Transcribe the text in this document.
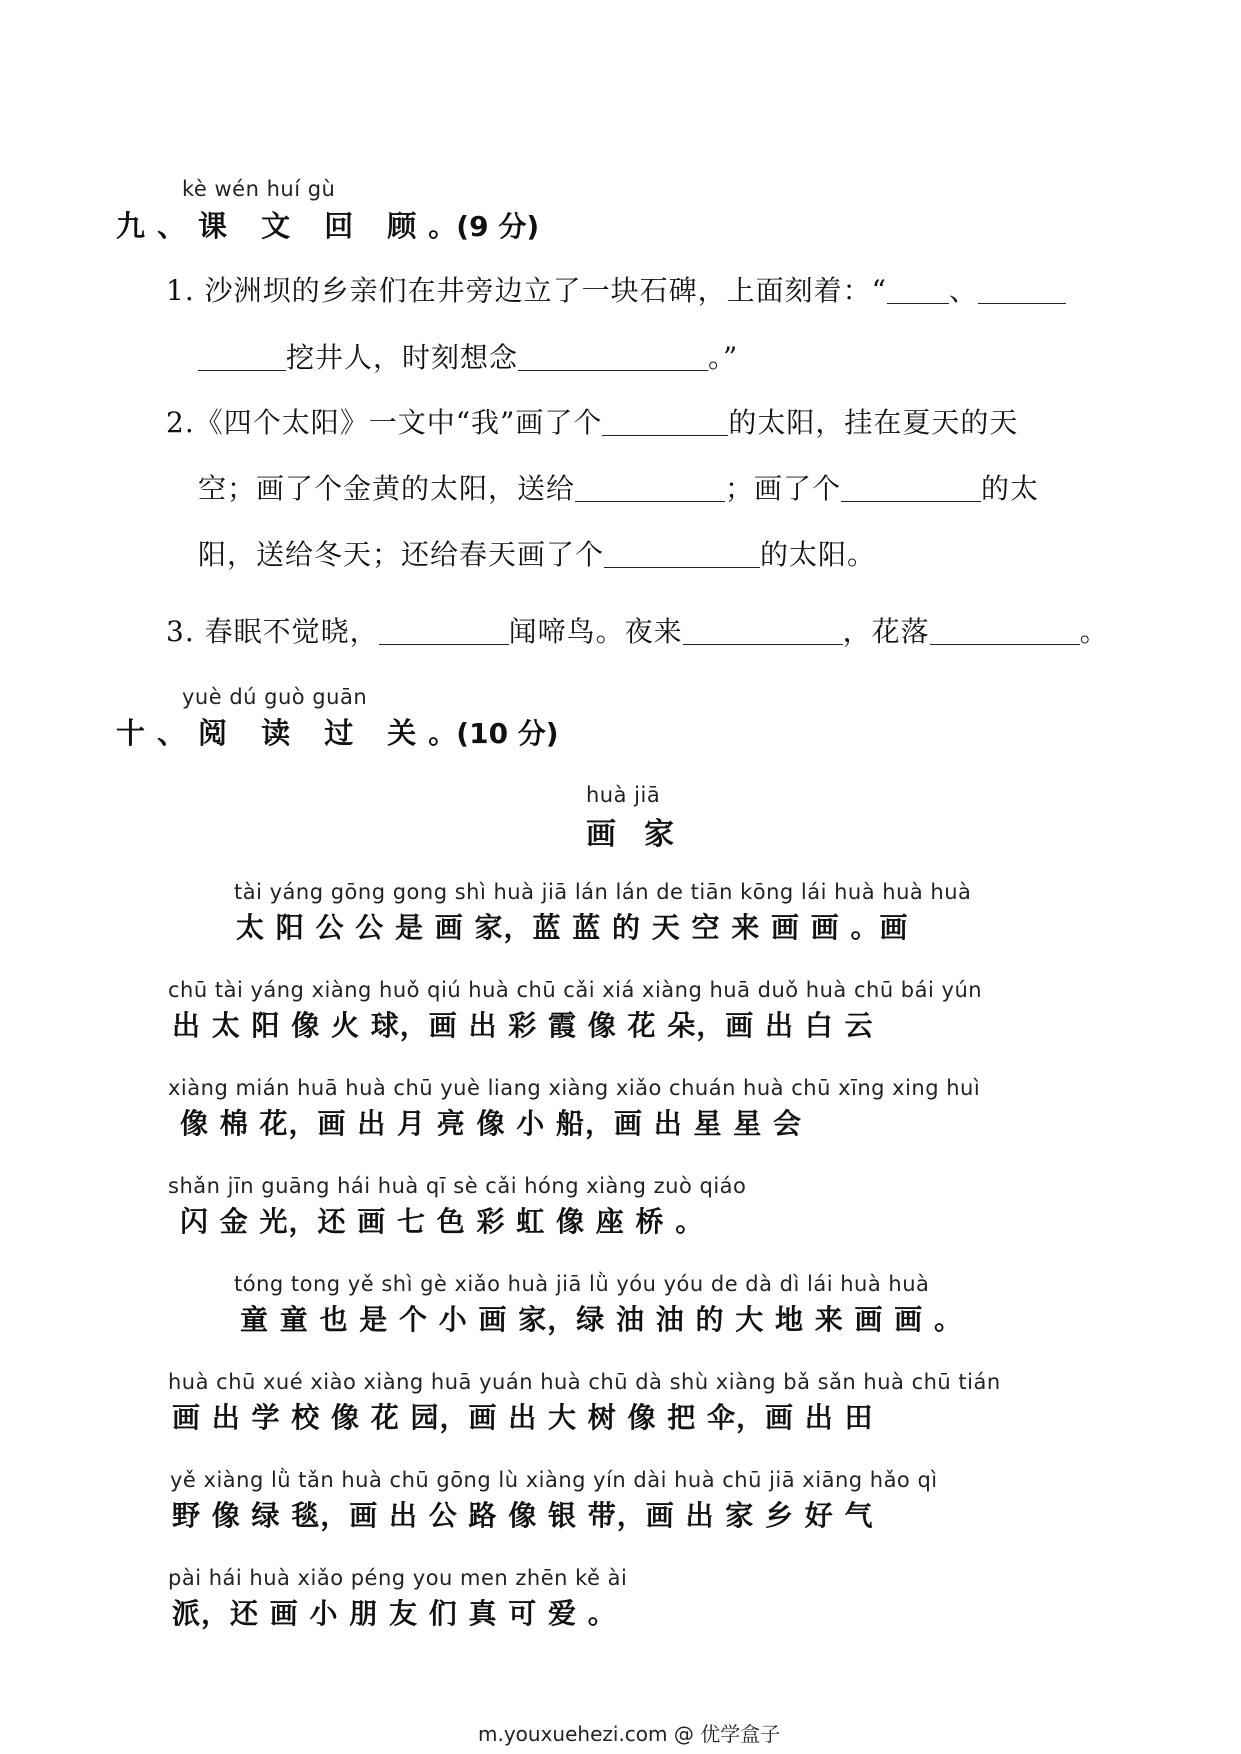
kè wén huí gù
九、课 文 回 顾。(9 分)
1. 沙洲坝的乡亲们在井旁边立了一块石碑，上面刻着：“ 、
挖井人，时刻想念	。”
2.《四个太阳》一文中“我”画了个	的太阳，挂在夏天的天
空；画了个金黄的太阳，送给	；画了个	的太
阳，送给冬天；还给春天画了个	的太阳。
3. 春眠不觉晓，	闻啼鸟。夜来	，花落	。
yuè dú guò guān
十、阅 读 过 关。(10 分)
huà jiā
画家
tài yáng gōng gong shì huà jiā lán lán de tiān kōng lái huà huà huà
太 阳 公 公 是 画 家，蓝 蓝 的 天 空 来 画 画 。画
chū tài yáng xiàng huǒ qiú huà chū cǎi xiá xiàng huā duǒ huà chū bái yún
出 太 阳 像 火 球，画 出 彩 霞 像 花 朵，画 出 白 云
xiàng mián huā huà chū yuè liang xiàng xiǎo chuán huà chū xīng xing huì
像 棉 花，画 出 月 亮 像 小 船，画 出 星 星 会
shǎn jīn guāng hái huà qī sè cǎi hóng xiàng zuò qiáo
闪 金 光，还 画 七 色 彩 虹 像 座 桥 。
tóng tong yě shì gè xiǎo huà jiā lǜ yóu yóu de dà dì lái huà huà
童 童 也 是 个 小 画 家，绿 油 油 的 大 地 来 画 画 。
huà chū xué xiào xiàng huā yuán huà chū dà shù xiàng bǎ sǎn huà chū tián
画 出 学 校 像 花 园，画 出 大 树 像 把 伞，画 出 田
yě xiàng lǜ tǎn huà chū gōng lù xiàng yín dài huà chū jiā xiāng hǎo qì
野 像 绿 毯，画 出 公 路 像 银 带，画 出 家 乡 好 气
pài hái huà xiǎo péng you men zhēn kě ài
派，还 画 小 朋 友 们 真 可 爱 。
m.youxuehezi.com @ 优学盒子
